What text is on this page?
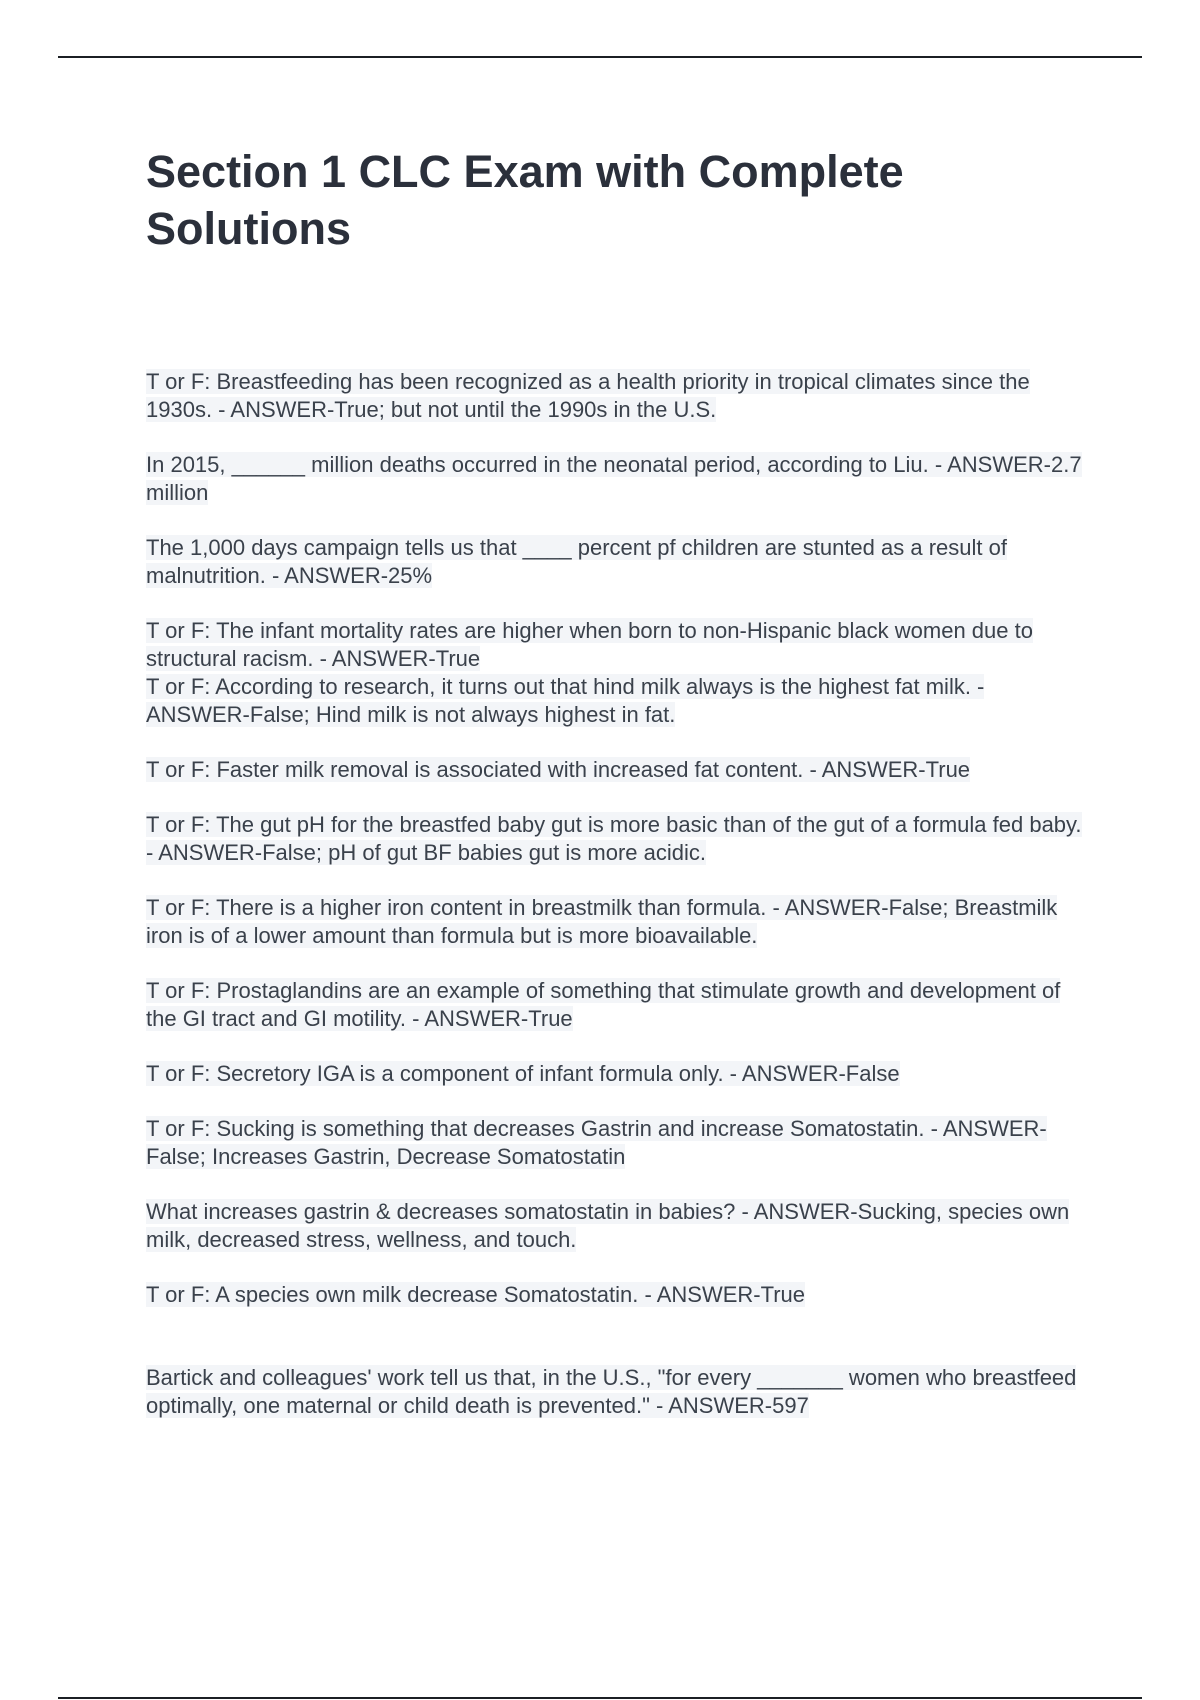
Section 1 CLC Exam with Complete Solutions

T or F: Breastfeeding has been recognized as a health priority in tropical climates since the 1930s. - ANSWER-True; but not until the 1990s in the U.S.

In 2015, ______ million deaths occurred in the neonatal period, according to Liu. - ANSWER-2.7 million

The 1,000 days campaign tells us that ____ percent pf children are stunted as a result of malnutrition. - ANSWER-25%

T or F: The infant mortality rates are higher when born to non-Hispanic black women due to structural racism. - ANSWER-True

T or F: According to research, it turns out that hind milk always is the highest fat milk. - ANSWER-False; Hind milk is not always highest in fat.

T or F: Faster milk removal is associated with increased fat content. - ANSWER-True

T or F: The gut pH for the breastfed baby gut is more basic than of the gut of a formula fed baby. - ANSWER-False; pH of gut BF babies gut is more acidic.

T or F: There is a higher iron content in breastmilk than formula. - ANSWER-False; Breastmilk iron is of a lower amount than formula but is more bioavailable.

T or F: Prostaglandins are an example of something that stimulate growth and development of the GI tract and GI motility. - ANSWER-True

T or F: Secretory IGA is a component of infant formula only. - ANSWER-False

T or F: Sucking is something that decreases Gastrin and increase Somatostatin. - ANSWER-False; Increases Gastrin, Decrease Somatostatin

What increases gastrin & decreases somatostatin in babies? - ANSWER-Sucking, species own milk, decreased stress, wellness, and touch.

T or F: A species own milk decrease Somatostatin. - ANSWER-True

Bartick and colleagues' work tell us that, in the U.S., "for every _______ women who breastfeed optimally, one maternal or child death is prevented." - ANSWER-597
